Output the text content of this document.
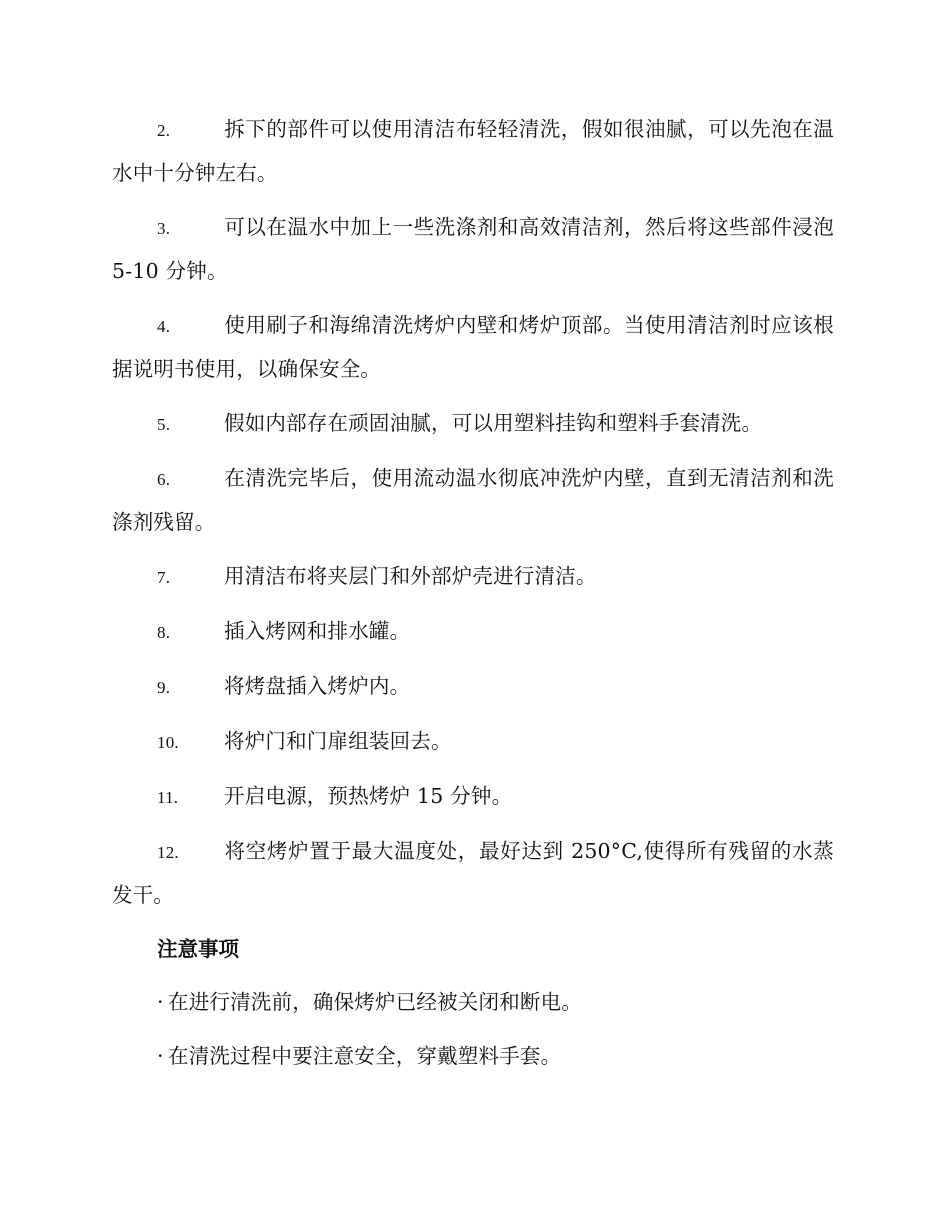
2.	拆下的部件可以使用清洁布轻轻清洗，假如很油腻，可以先泡在温水中十分钟左右。

3.	可以在温水中加上一些洗涤剂和高效清洁剂，然后将这些部件浸泡 5-10 分钟。

4.	使用刷子和海绵清洗烤炉内壁和烤炉顶部。当使用清洁剂时应该根据说明书使用，以确保安全。

5.	假如内部存在顽固油腻，可以用塑料挂钩和塑料手套清洗。

6.	在清洗完毕后，使用流动温水彻底冲洗炉内壁，直到无清洁剂和洗涤剂残留。

7.	用清洁布将夹层门和外部炉壳进行清洁。

8.	插入烤网和排水罐。

9.	将烤盘插入烤炉内。

10. 将炉门和门扉组装回去。

11. 开启电源，预热烤炉 15 分钟。

12. 将空烤炉置于最大温度处，最好达到 250°C,使得所有残留的水蒸发干。

注意事项

· 在进行清洗前，确保烤炉已经被关闭和断电。

· 在清洗过程中要注意安全，穿戴塑料手套。
